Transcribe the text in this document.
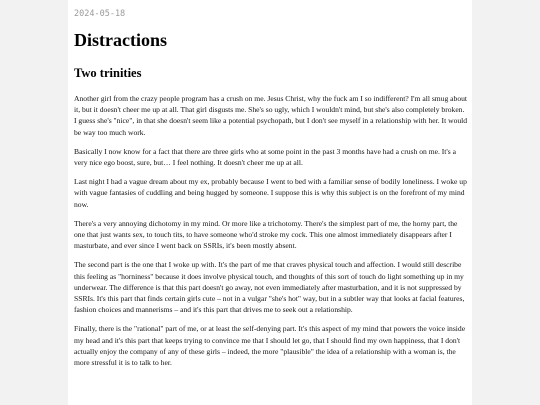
2024-05-18
Distractions
Two trinities

Another girl from the crazy people program has a crush on me. Jesus Christ, why the fuck am I so indifferent? I'm all smug about it, but it doesn't cheer me up at all. That girl disgusts me. She's so ugly, which I wouldn't mind, but she's also completely broken. I guess she's "nice", in that she doesn't seem like a potential psychopath, but I don't see myself in a relationship with her. It would be way too much work.

Basically I now know for a fact that there are three girls who at some point in the past 3 months have had a crush on me. It's a very nice ego boost, sure, but… I feel nothing. It doesn't cheer me up at all.

Last night I had a vague dream about my ex, probably because I went to bed with a familiar sense of bodily loneliness. I woke up with vague fantasies of cuddling and being hugged by someone. I suppose this is why this subject is on the forefront of my mind now.

There's a very annoying dichotomy in my mind. Or more like a trichotomy. There's the simplest part of me, the horny part, the one that just wants sex, to touch tits, to have someone who'd stroke my cock. This one almost immediately disappears after I masturbate, and ever since I went back on SSRIs, it's been mostly absent.

The second part is the one that I woke up with. It's the part of me that craves physical touch and affection. I would still describe this feeling as "horniness" because it does involve physical touch, and thoughts of this sort of touch do light something up in my underwear. The difference is that this part doesn't go away, not even immediately after masturbation, and it is not suppressed by SSRIs. It's this part that finds certain girls cute – not in a vulgar "she's hot" way, but in a subtler way that looks at facial features, fashion choices and mannerisms – and it's this part that drives me to seek out a relationship.

Finally, there is the "rational" part of me, or at least the self-denying part. It's this aspect of my mind that powers the voice inside my head and it's this part that keeps trying to convince me that I should let go, that I should find my own happiness, that I don't actually enjoy the company of any of these girls – indeed, the more "plausible" the idea of a relationship with a woman is, the more stressful it is to talk to her.
